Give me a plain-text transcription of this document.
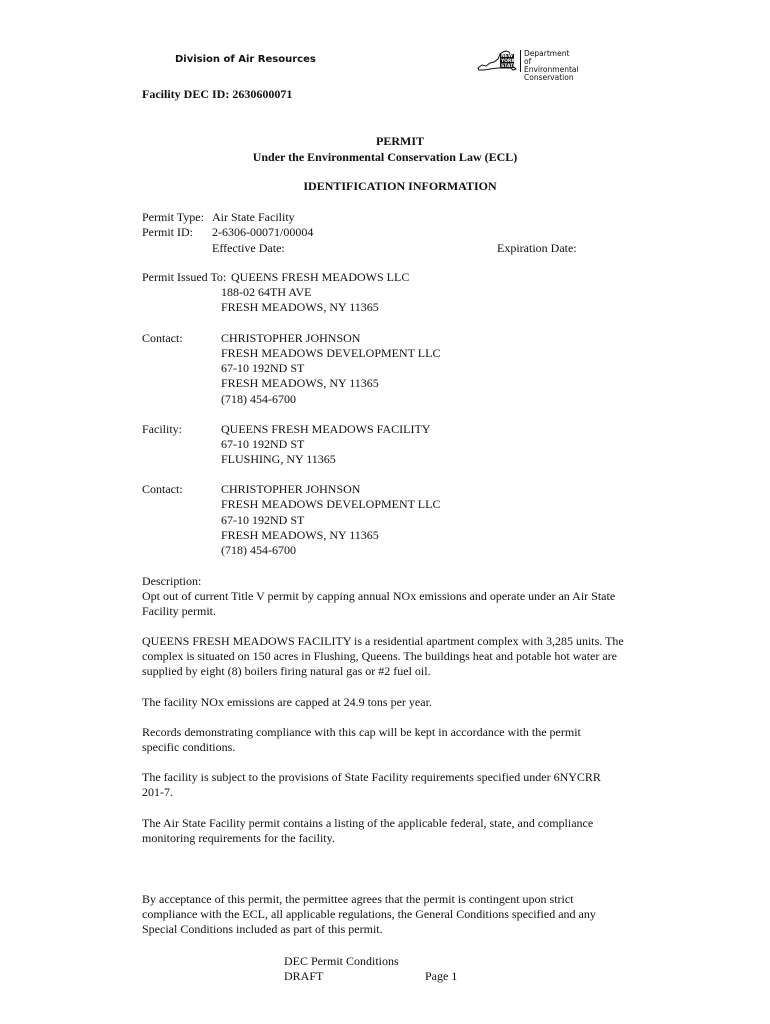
Division of Air Resources	NEW
YORK
STATE
Department of
Environmental
Conservation
Facility DEC ID: 2630600071
PERMIT
Under the Environmental Conservation Law (ECL)
IDENTIFICATION INFORMATION
Permit Type: Air State Facility
Permit ID: 2-6306-00071/00004
Effective Date:	Expiration Date:
Permit Issued To: QUEENS FRESH MEADOWS LLC
188-02 64TH AVE
FRESH MEADOWS, NY 11365
Contact:	CHRISTOPHER JOHNSON
FRESH MEADOWS DEVELOPMENT LLC
67-10 192ND ST
FRESH MEADOWS, NY 11365
(718) 454-6700
Facility:	QUEENS FRESH MEADOWS FACILITY
67-10 192ND ST
FLUSHING, NY 11365
Contact:	CHRISTOPHER JOHNSON
FRESH MEADOWS DEVELOPMENT LLC
67-10 192ND ST
FRESH MEADOWS, NY 11365
(718) 454-6700
Description:
Opt out of current Title V permit by capping annual NOx emissions and operate under an Air State Facility permit.
QUEENS FRESH MEADOWS FACILITY is a residential apartment complex with 3,285 units. The complex is situated on 150 acres in Flushing, Queens. The buildings heat and potable hot water are supplied by eight (8) boilers firing natural gas or #2 fuel oil.
The facility NOx emissions are capped at 24.9 tons per year.
Records demonstrating compliance with this cap will be kept in accordance with the permit specific conditions.
The facility is subject to the provisions of State Facility requirements specified under 6NYCRR 201-7.
The Air State Facility permit contains a listing of the applicable federal, state, and compliance monitoring requirements for the facility.
By acceptance of this permit, the permittee agrees that the permit is contingent upon strict compliance with the ECL, all applicable regulations, the General Conditions specified and any Special Conditions included as part of this permit.
DEC Permit Conditions
DRAFT	Page 1
